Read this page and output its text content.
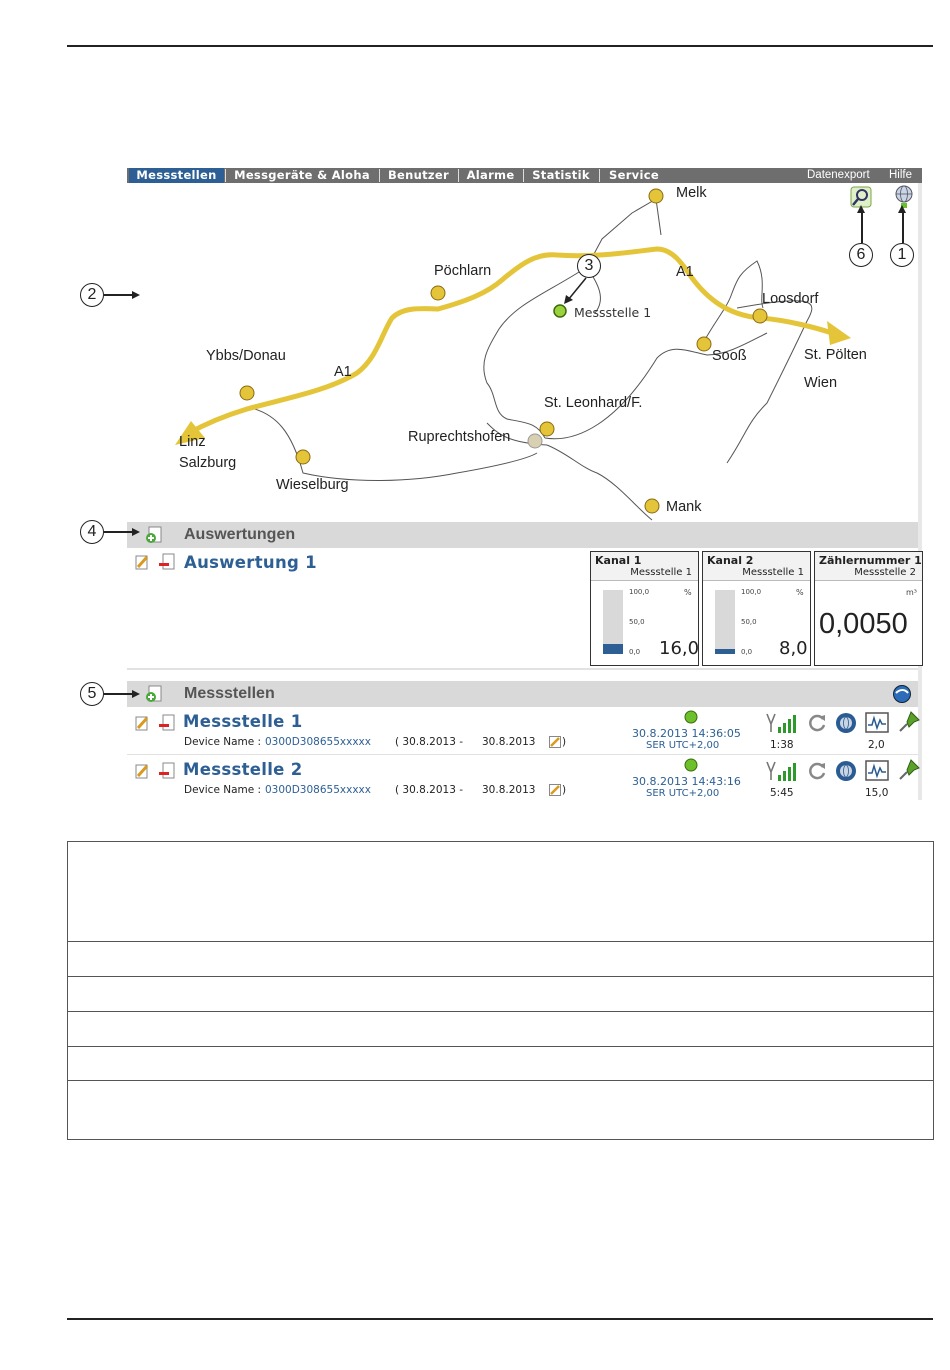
Messstellen	Messgeräte & Aloha	Benutzer	Alarme	Statistik	Service	Datenexport Hilfe
Melk
Pöchlarn
Ybbs/Donau
A1
A1
Loosdorf
St. Pölten
Wien
Sooß
St. Leonhard/F.
Ruprechtshofen
Linz
Salzburg
Wieselburg
Mank
Messstelle 1
Auswertungen
Auswertung 1	Kanal 1
Messstelle 1
100,0
50,0
0,0
%
16,0
Kanal 2
Messstelle 1
100,0
50,0
0,0
%
8,0
Zählernummer 1
Messstelle 2
m³
0,0050
Messstellen
Messstelle 1
Device Name : 0300D308655xxxxx ( 30.8.2013 - 30.8.2013	)
30.8.2013 14:36:05
SER UTC+2,00	1:38	2,0
Messstelle 2
Device Name : 0300D308655xxxxx ( 30.8.2013 - 30.8.2013	)
30.8.2013 14:43:16
SER UTC+2,00	5:45	15,0
2
4
5
3
6	1
